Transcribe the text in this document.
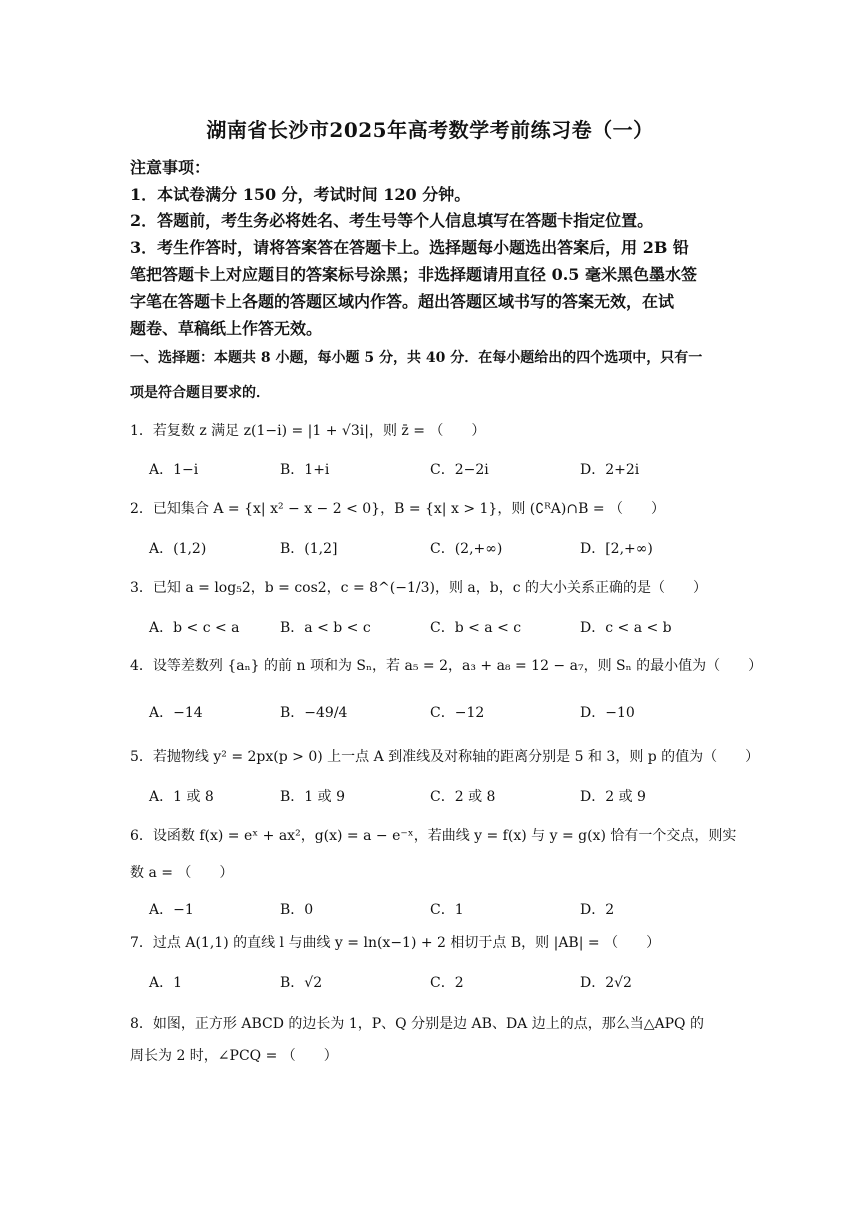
湖南省长沙市2025年高考数学考前练习卷（一）
注意事项：
1．本试卷满分 150 分，考试时间 120 分钟。
2．答题前，考生务必将姓名、考生号等个人信息填写在答题卡指定位置。
3．考生作答时，请将答案答在答题卡上。选择题每小题选出答案后，用 2B 铅
笔把答题卡上对应题目的答案标号涂黑；非选择题请用直径 0.5 毫米黑色墨水签
字笔在答题卡上各题的答题区域内作答。超出答题区域书写的答案无效，在试
题卷、草稿纸上作答无效。
一、选择题：本题共 8 小题，每小题 5 分，共 40 分．在每小题给出的四个选项中，只有一
项是符合题目要求的．
1．若复数 z 满足 z(1−i) = |1 + √3i|，则 z̄ = （　　）
A．1−i	B．1+i	C．2−2i	D．2+2i
2．已知集合 A = {x| x² − x − 2 < 0}，B = {x| x > 1}，则 (∁ᴿA)∩B = （　　）
A．(1,2)	B．(1,2]	C．(2,+∞)	D．[2,+∞)
3．已知 a = log₅2，b = cos2，c = 8^(−1/3)，则 a，b，c 的大小关系正确的是（　　）
A．b < c < a	B．a < b < c	C．b < a < c	D．c < a < b
4．设等差数列 {aₙ} 的前 n 项和为 Sₙ，若 a₅ = 2，a₃ + a₈ = 12 − a₇，则 Sₙ 的最小值为（　　）
A．−14	B．−49/4	C．−12	D．−10
5．若抛物线 y² = 2px(p > 0) 上一点 A 到准线及对称轴的距离分别是 5 和 3，则 p 的值为（　　）
A．1 或 8	B．1 或 9	C．2 或 8	D．2 或 9
6．设函数 f(x) = eˣ + ax²，g(x) = a − e⁻ˣ，若曲线 y = f(x) 与 y = g(x) 恰有一个交点，则实
数 a = （　　）
A．−1	B．0	C．1	D．2
7．过点 A(1,1) 的直线 l 与曲线 y = ln(x−1) + 2 相切于点 B，则 |AB| = （　　）
A．1	B．√2	C．2	D．2√2
8．如图，正方形 ABCD 的边长为 1，P、Q 分别是边 AB、DA 边上的点，那么当△APQ 的
周长为 2 时，∠PCQ = （　　）
